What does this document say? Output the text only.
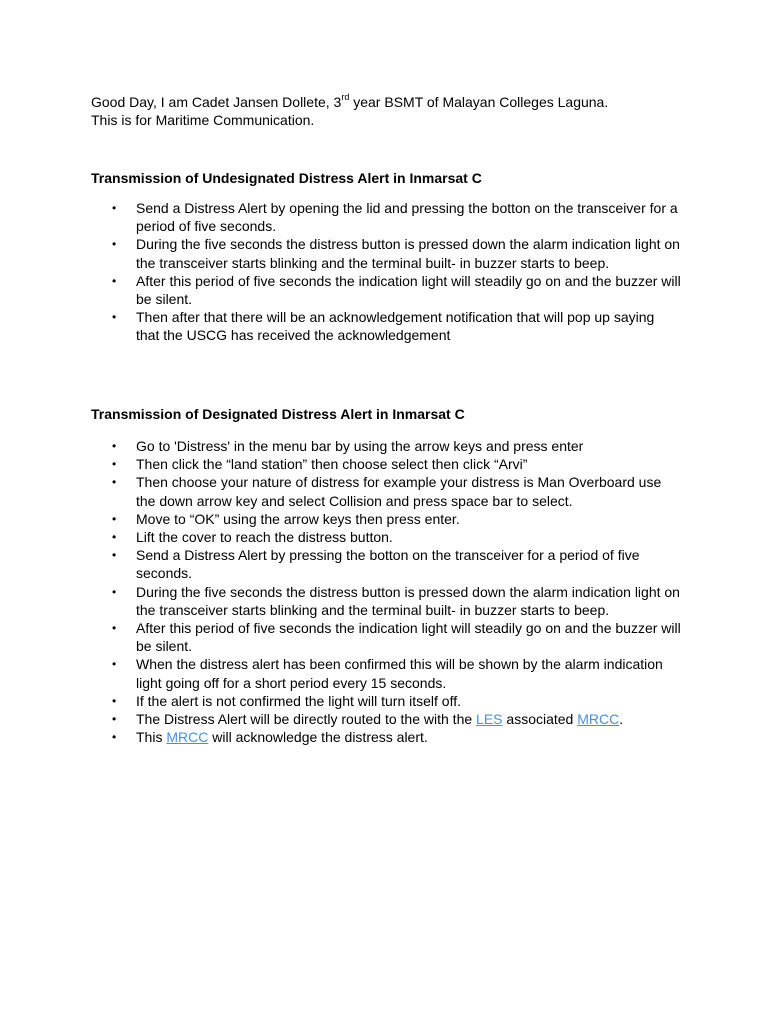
Good Day, I am Cadet Jansen Dollete, 3rd year BSMT of Malayan Colleges Laguna.
This is for Maritime Communication.

Transmission of Undesignated Distress Alert in Inmarsat C
• Send a Distress Alert by opening the lid and pressing the botton on the transceiver for a period of five seconds.
• During the five seconds the distress button is pressed down the alarm indication light on the transceiver starts blinking and the terminal built- in buzzer starts to beep.
• After this period of five seconds the indication light will steadily go on and the buzzer will be silent.
• Then after that there will be an acknowledgement notification that will pop up saying that the USCG has received the acknowledgement
Transmission of Designated Distress Alert in Inmarsat C
• Go to 'Distress' in the menu bar by using the arrow keys and press enter
• Then click the “land station” then choose select then click “Arvi”
• Then choose your nature of distress for example your distress is Man Overboard use the down arrow key and select Collision and press space bar to select.
• Move to “OK” using the arrow keys then press enter.
• Lift the cover to reach the distress button.
• Send a Distress Alert by pressing the botton on the transceiver for a period of five seconds.
• During the five seconds the distress button is pressed down the alarm indication light on the transceiver starts blinking and the terminal built- in buzzer starts to beep.
• After this period of five seconds the indication light will steadily go on and the buzzer will be silent.
• When the distress alert has been confirmed this will be shown by the alarm indication light going off for a short period every 15 seconds.
• If the alert is not confirmed the light will turn itself off.
• The Distress Alert will be directly routed to the with the LES associated MRCC.
• This MRCC will acknowledge the distress alert.
